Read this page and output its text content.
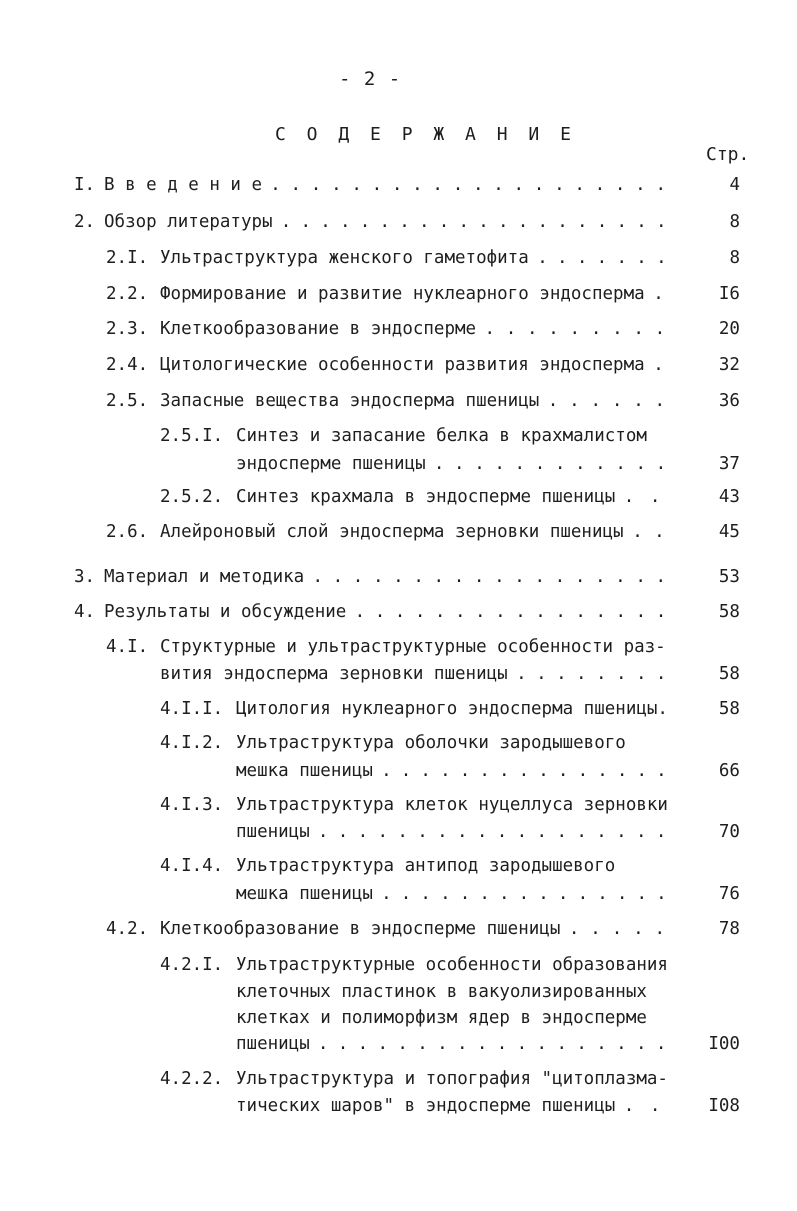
- 2 -
С О Д Е Р Ж А Н И Е
Стр.
I. В в е д е н и е ....................	4
2. Обзор литературы ....................	8
2.I. Ультраструктура женского гаметофита .......	8
2.2. Формирование и развитие нуклеарного эндосперма . I6
2.3. Клеткообразование в эндосперме ......... 20
2.4. Цитологические особенности развития эндосперма . 32
2.5. Запасные вещества эндосперма пшеницы ...... 36
2.5.I. Синтез и запасание белка в крахмалистом
эндосперме пшеницы ............ 37
2.5.2. Синтез крахмала в эндосперме пшеницы .. 43
2.6. Алейроновый слой эндосперма зерновки пшеницы .. 45
3. Материал и методика .................. 53
4. Результаты и обсуждение ................ 58
4.I. Структурные и ультраструктурные особенности раз-
вития эндосперма зерновки пшеницы ........ 58
4.I.I. Цитология нуклеарного эндосперма пшеницы.	58
4.I.2. Ультраструктура оболочки зародышевого
мешка пшеницы ............... 66
4.I.3. Ультраструктура клеток нуцеллуса зерновки
пшеницы .................. 70
4.I.4. Ультраструктура антипод зародышевого
мешка пшеницы ............... 76
4.2. Клеткообразование в эндосперме пшеницы ..... 78
4.2.I. Ультраструктурные особенности образования
клеточных пластинок в вакуолизированных
клетках и полиморфизм ядер в эндосперме
пшеницы .................. I00
4.2.2. Ультраструктура и топография "цитоплазма-
тических шаров" в эндосперме пшеницы .. I08
